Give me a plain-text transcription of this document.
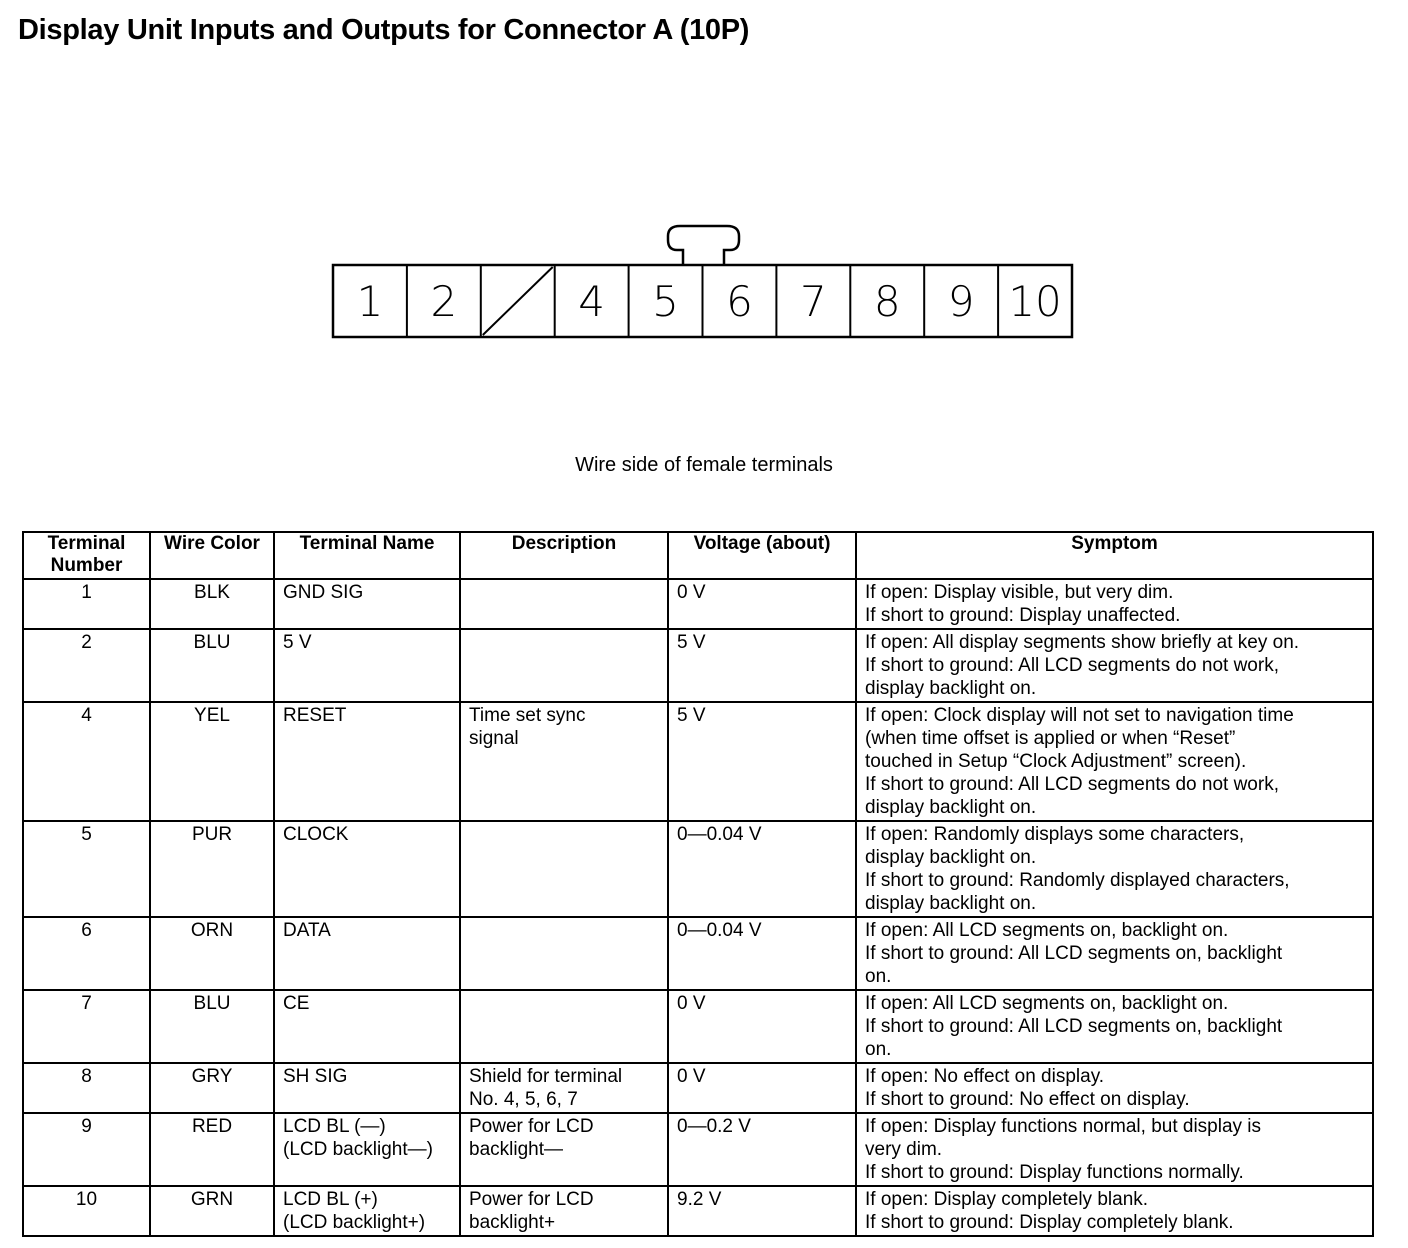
Display Unit Inputs and Outputs for Connector A (10P)
1 2	4 5 6 7 8 9 10
Wire side of female terminals
Terminal Number	Wire Color	Terminal Name	Description	Voltage (about)	Symptom
1	BLK	GND SIG		0 V	If open: Display visible, but very dim.
If short to ground: Display unaffected.

2	BLU	5 V		5 V	If open: All display segments show briefly at key on.
If short to ground: All LCD segments do not work,
display backlight on.

4	YEL	RESET	Time set sync
signal	5 V	If open: Clock display will not set to navigation time
(when time offset is applied or when “Reset”
touched in Setup “Clock Adjustment” screen).
If short to ground: All LCD segments do not work,
display backlight on.

5	PUR	CLOCK		0—0.04 V	If open: Randomly displays some characters,
display backlight on.
If short to ground: Randomly displayed characters,
display backlight on.

6	ORN	DATA		0—0.04 V	If open: All LCD segments on, backlight on.
If short to ground: All LCD segments on, backlight
on.

7	BLU	CE		0 V	If open: All LCD segments on, backlight on.
If short to ground: All LCD segments on, backlight
on.

8	GRY	SH SIG	Shield for terminal
No. 4, 5, 6, 7	0 V	If open: No effect on display.
If short to ground: No effect on display.

9	RED	LCD BL (—)
(LCD backlight—)	Power for LCD
backlight—	0—0.2 V	If open: Display functions normal, but display is
very dim.
If short to ground: Display functions normally.

10	GRN	LCD BL (+)
(LCD backlight+)	Power for LCD
backlight+	9.2 V	If open: Display completely blank.
If short to ground: Display completely blank.
